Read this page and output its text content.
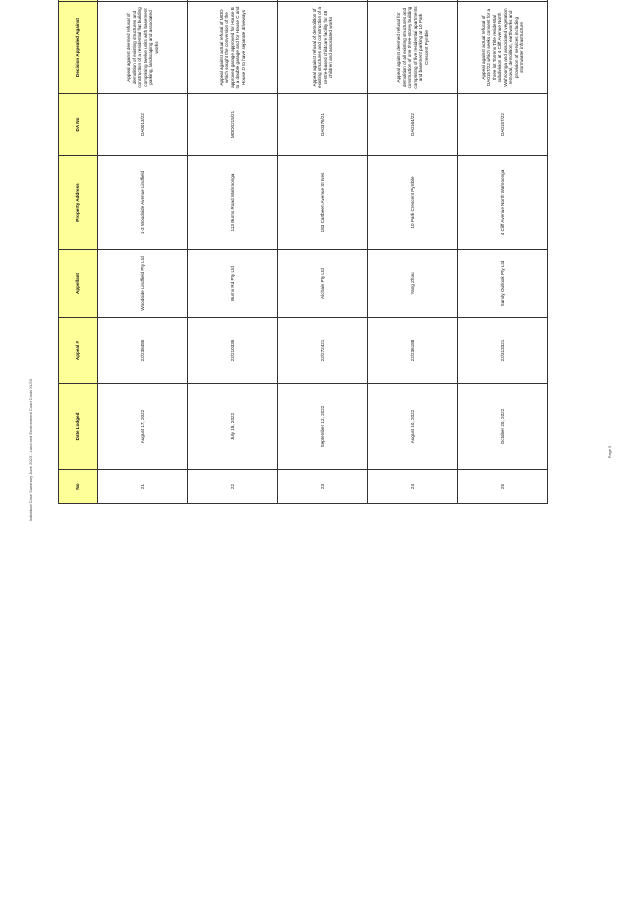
Individual Case Summary June 2023 - Land and Environment Court Costs XLSX	No	Date Lodged	Appeal #	Appellant	Property Address	DA No	Decision Appealed Against							
21	August 17, 2022	22/238485	Woodside Lindfield Pty Ltd	1-3 Woodside Avenue Lindfield	DA0013/22	Appeal against deemed refusal of demolition of existing structures and construction of a residential flat building comprising twelve units with basement parking, landscaping and associated works							
22	July 18, 2022	22/210335	Burns Rd Pty Ltd	113 Burns Road Wahroonga	MOD0215/21	Appeal against actual refusal of MOD which sought the conversion of the approved garage approved for House B to a double garage and for House C and House D to have separate driveways							
23	September 12, 2022	22/272421	Alchain Pty Ltd	183 Cartbeen Avenue St Ives	DA0376/21	Appeal against refusal of demolition of existing structures and construction of a centre-based childcare facility for 48 children and associated works							
24	August 10, 2022	22/236188	Yang Zhou	10 Park Crescent Pymble	DA0164/22	Appeal against deemed refusal for demolition of all existing structures and construction of one three-storey building comprising of five residential apartments and basement parking at 10 Park Crescent Pymble							
25	October 20, 2022	22/313321	Sandy Outlook Pty Ltd	4 Cliff Avenue North Wahroonga	DA0157/22	Appeal against actual refusal of DA0157/22 which seeks consent for a three lot Torrens Title residential subdivision at 4 Cliff Avenue North Wahroonga and associated vegetation removal, demolition, earthworks and provision of services including stormwater infrastructure							
Page 5
